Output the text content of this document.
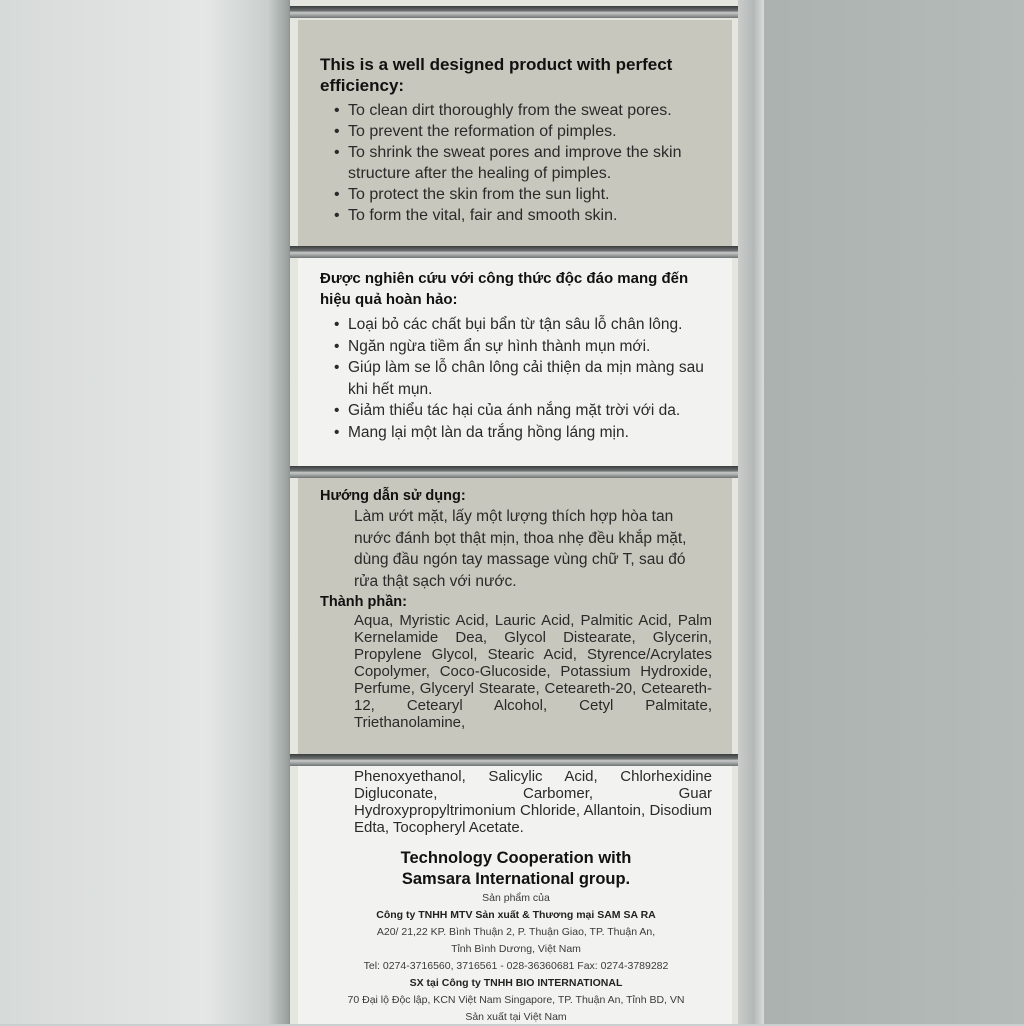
This is a well designed product with perfect efficiency:
• To clean dirt thoroughly from the sweat pores.
• To prevent the reformation of pimples.
• To shrink the sweat pores and improve the skin structure after the healing of pimples.
• To protect the skin from the sun light.
• To form the vital, fair and smooth skin.
Được nghiên cứu với công thức độc đáo mang đến hiệu quả hoàn hảo:
• Loại bỏ các chất bụi bẩn từ tận sâu lỗ chân lông.
• Ngăn ngừa tiềm ẩn sự hình thành mụn mới.
• Giúp làm se lỗ chân lông cải thiện da mịn màng sau khi hết mụn.
• Giảm thiểu tác hại của ánh nắng mặt trời với da.
• Mang lại một làn da trắng hồng láng mịn.
Hướng dẫn sử dụng:
Làm ướt mặt, lấy một lượng thích hợp hòa tan nước đánh bọt thật mịn, thoa nhẹ đều khắp mặt, dùng đầu ngón tay massage vùng chữ T, sau đó rửa thật sạch với nước.
Thành phần:
Aqua, Myristic Acid, Lauric Acid, Palmitic Acid, Palm Kernelamide Dea, Glycol Distearate, Glycerin, Propylene Glycol, Stearic Acid, Styrence/Acrylates Copolymer, Coco-Glucoside, Potassium Hydroxide, Perfume, Glyceryl Stearate, Ceteareth-20, Ceteareth-12, Cetearyl Alcohol, Cetyl Palmitate, Triethanolamine,
Phenoxyethanol, Salicylic Acid, Chlorhexidine Digluconate, Carbomer, Guar Hydroxypropyltrimonium Chloride, Allantoin, Disodium Edta, Tocopheryl Acetate.
Technology Cooperation with
Samsara International group.
Sản phẩm của
Công ty TNHH MTV Sản xuất & Thương mại SAM SA RA
A20/ 21,22 KP. Bình Thuận 2, P. Thuận Giao, TP. Thuận An,
Tỉnh Bình Dương, Việt Nam
Tel: 0274-3716560, 3716561 - 028-36360681 Fax: 0274-3789282
SX tại Công ty TNHH BIO INTERNATIONAL
70 Đại lộ Độc lập, KCN Việt Nam Singapore, TP. Thuận An, Tỉnh BD, VN
Sản xuất tại Việt Nam
